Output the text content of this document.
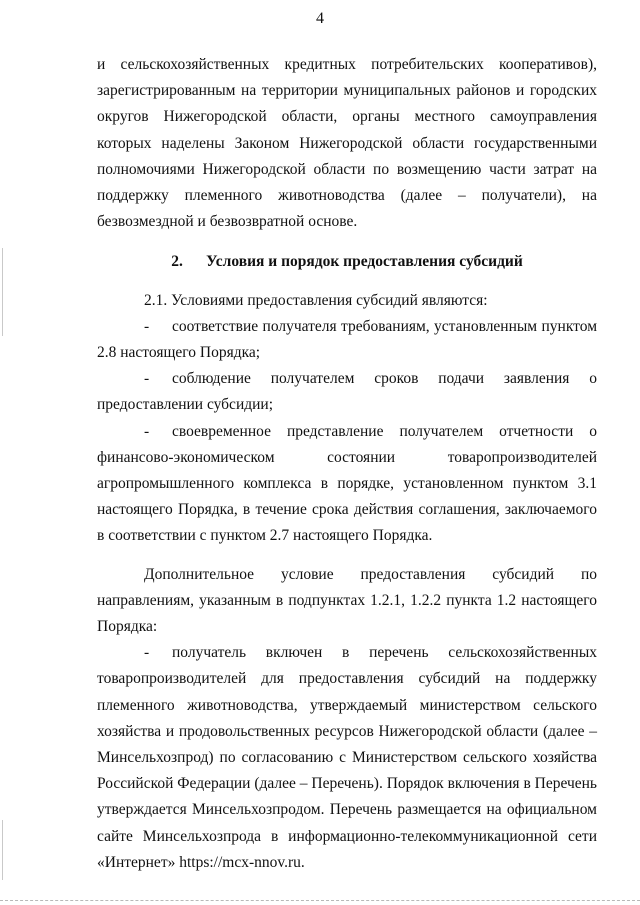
4

и сельскохозяйственных кредитных потребительских кооперативов), зарегистрированным на территории муниципальных районов и городских округов Нижегородской области, органы местного самоуправления которых наделены Законом Нижегородской области государственными полномочиями Нижегородской области по возмещению части затрат на поддержку племенного животноводства (далее – получатели), на безвозмездной и безвозвратной основе.

2.      Условия и порядок предоставления субсидий

2.1. Условиями предоставления субсидий являются:

- соответствие получателя требованиям, установленным пунктом 2.8 настоящего Порядка;

- соблюдение получателем сроков подачи заявления о предоставлении субсидии;

- своевременное представление получателем отчетности о финансово-экономическом состоянии товаропроизводителей агропромышленного комплекса в порядке, установленном пунктом 3.1 настоящего Порядка, в течение срока действия соглашения, заключаемого в соответствии с пунктом 2.7 настоящего Порядка.

Дополнительное условие предоставления субсидий по направлениям, указанным в подпунктах 1.2.1, 1.2.2 пункта 1.2 настоящего Порядка:

- получатель включен в перечень сельскохозяйственных товаропроизводителей для предоставления субсидий на поддержку племенного животноводства, утверждаемый министерством сельского хозяйства и продовольственных ресурсов Нижегородской области (далее – Минсельхозпрод) по согласованию с Министерством сельского хозяйства Российской Федерации (далее – Перечень). Порядок включения в Перечень утверждается Минсельхозпродом. Перечень размещается на официальном сайте Минсельхозпрода в информационно-телекоммуникационной сети «Интернет» https://mcx-nnov.ru.
